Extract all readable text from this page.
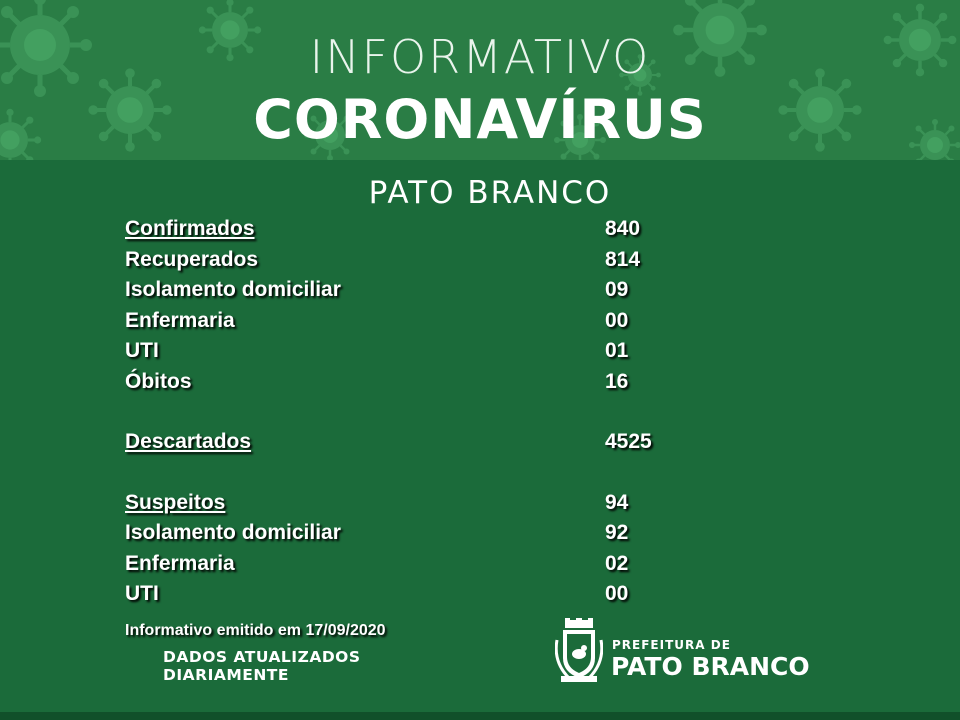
INFORMATIVO
CORONAVÍRUS
PATO BRANCO
Confirmados	840
Recuperados	814
Isolamento domiciliar	09
Enfermaria	00
UTI	01
Óbitos	16
Descartados	4525
Suspeitos	94
Isolamento domiciliar	92
Enfermaria	02
UTI	00
Informativo emitido em 17/09/2020
DADOS ATUALIZADOS
DIARIAMENTE
PREFEITURA DE
PATO BRANCO
